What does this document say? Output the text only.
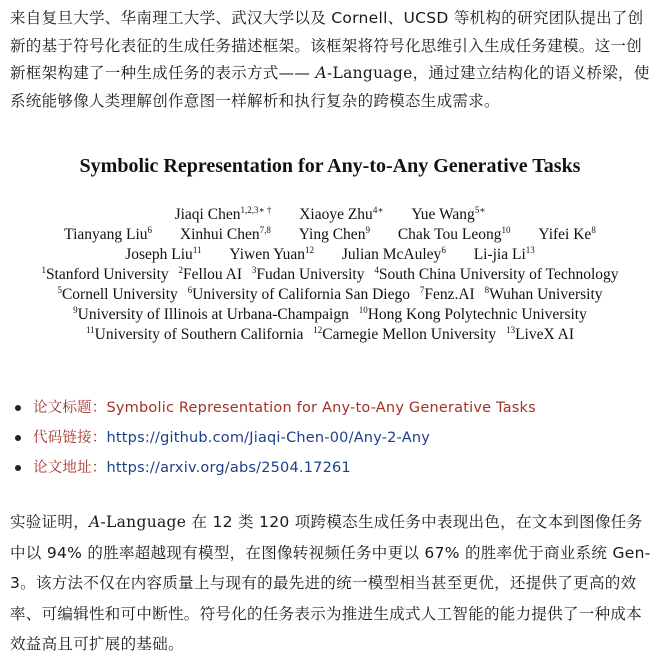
来自复旦大学、华南理工大学、武汉大学以及 Cornell、UCSD 等机构的研究团队提出了创新的基于符号化表征的生成任务描述框架。该框架将符号化思维引入生成任务建模。这一创新框架构建了一种生成任务的表示方式—— A-Language，通过建立结构化的语义桥梁，使系统能够像人类理解创作意图一样解析和执行复杂的跨模态生成需求。

Symbolic Representation for Any-to-Any Generative Tasks
Jiaqi Chen$^{1,2,3∗ \dagger}$ Xiaoye Zhu$^{4∗}$ Yue Wang$^{5∗}$
Tianyang Liu$^6$ Xinhui Chen$^{7,8}$ Ying Chen$^9$ Chak Tou Leong$^{10}$ Yifei Ke$^8$
Joseph Liu$^{11}$ Yiwen Yuan$^{12}$ Julian McAuley$^6$ Li-jia Li$^{13}$
$^1$Stanford University $^2$Fellou AI $^3$Fudan University $^4$South China University of Technology
$^5$Cornell University $^6$University of California San Diego $^7$Fenz.AI $^8$Wuhan University
$^9$University of Illinois at Urbana-Champaign $^{10}$Hong Kong Polytechnic University
$^{11}$University of Southern California $^{12}$Carnegie Mellon University $^{13}$LiveX AI
论文标题：Symbolic Representation for Any-to-Any Generative Tasks
代码链接：https://github.com/Jiaqi-Chen-00/Any-2-Any
论文地址：https://arxiv.org/abs/2504.17261

实验证明，A-Language 在 12 类 120 项跨模态生成任务中表现出色，在文本到图像任务中以 94% 的胜率超越现有模型，在图像转视频任务中更以 67% 的胜率优于商业系统 Gen-3。该方法不仅在内容质量上与现有的最先进的统一模型相当甚至更优，还提供了更高的效率、可编辑性和可中断性。符号化的任务表示为推进生成式人工智能的能力提供了一种成本效益高且可扩展的基础。
